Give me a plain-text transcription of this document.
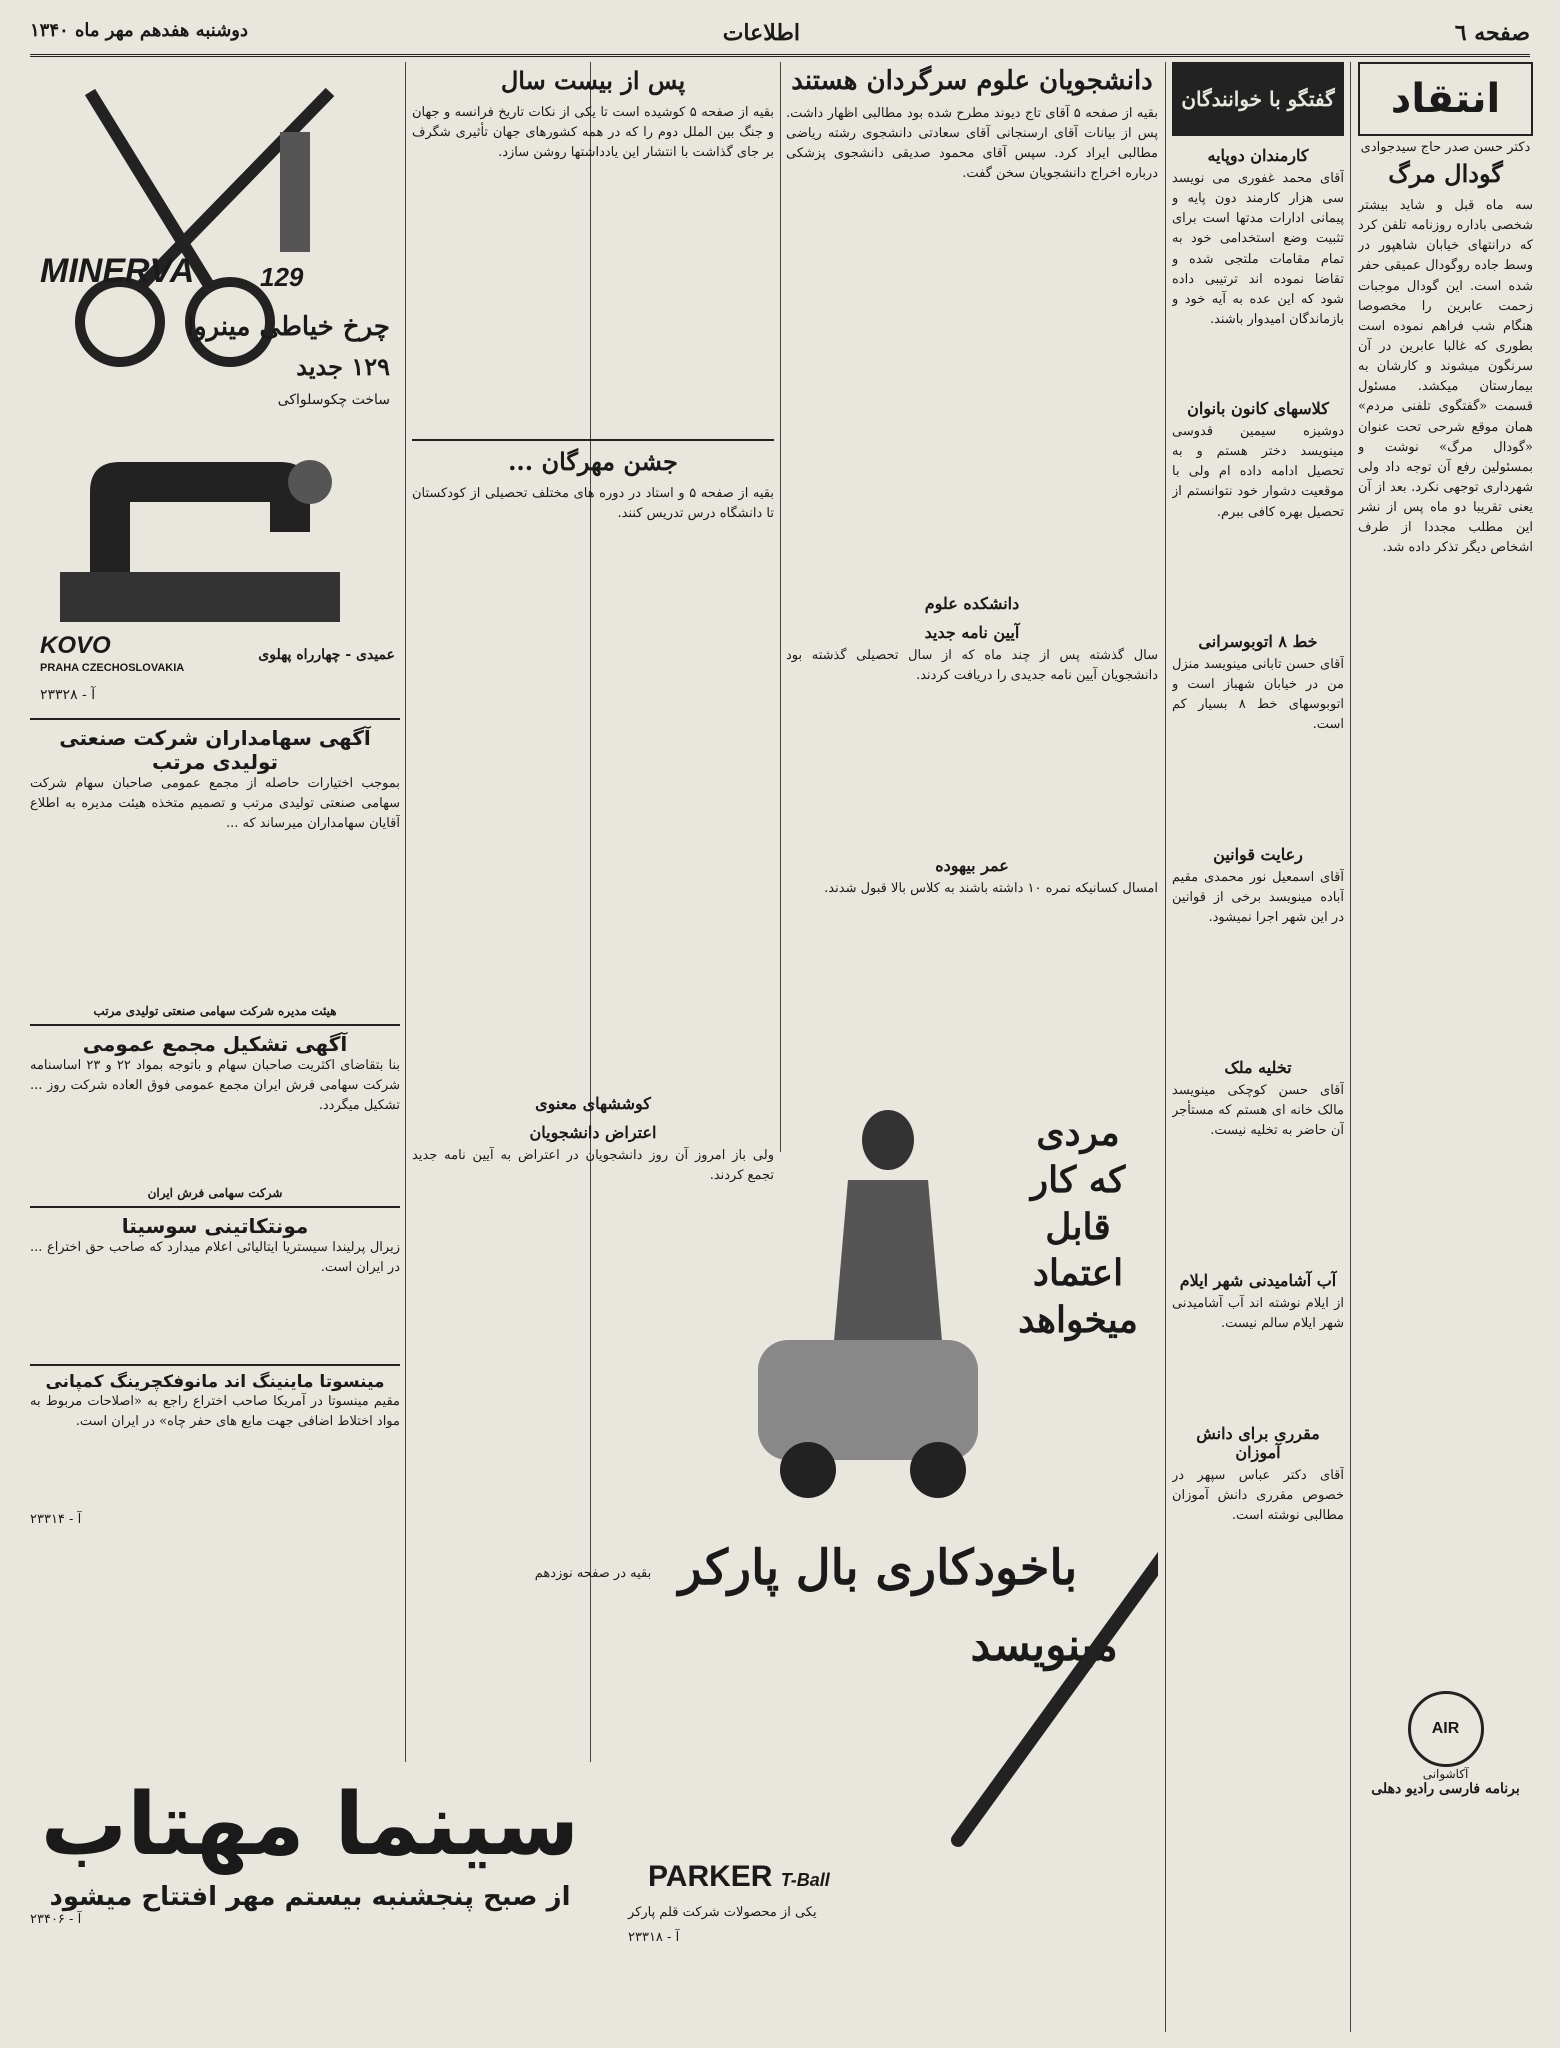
صفحه ٦
اطلاعات
دوشنبه هفدهم مهر ماه ۱۳۴۰
انتقاد
دکتر حسن صدر حاج سیدجوادی
گودال مرگ
سه ماه قبل و شاید بیشتر شخصی باداره روزنامه تلفن کرد که درانتهای خیابان شاهپور در وسط جاده روگودال عمیقی حفر شده است. این گودال موجبات زحمت عابرین را مخصوصا هنگام شب فراهم نموده است بطوری که غالبا عابرین در آن سرنگون میشوند و کارشان به بیمارستان میکشد. مسئول قسمت «گفتگوی تلفنی مردم» همان موقع شرحی تحت عنوان «گودال مرگ» نوشت و بمسئولین رفع آن توجه داد ولی شهرداری توجهی نکرد. بعد از آن یعنی تقریبا دو ماه پس از نشر این مطلب مجددا از طرف اشخاص دیگر تذکر داده شد.
AIR
آکاشوانی
برنامه فارسی رادیو دهلی
گفتگو با خوانندگان
کارمندان دوپایه
آقای محمد غفوری می نویسد سی هزار کارمند دون پایه و پیمانی ادارات مدتها است برای تثبیت وضع استخدامی خود به تمام مقامات ملتجی شده و تقاضا نموده اند ترتیبی داده شود که این عده به آیه خود و بازماندگان امیدوار باشند.
کلاسهای کانون بانوان
دوشیزه سیمین قدوسی مینویسد دختر هستم و به تحصیل ادامه داده ام ولی با موقعیت دشوار خود نتوانستم از تحصیل بهره کافی ببرم.
خط ۸ اتوبوسرانی
آقای حسن تابانی مینویسد منزل من در خیابان شهباز است و اتوبوسهای خط ۸ بسیار کم است.
رعایت قوانین
آقای اسمعیل نور محمدی مقیم آباده مینویسد برخی از قوانین در این شهر اجرا نمیشود.
تخلیه ملک
آقای حسن کوچکی مینویسد مالک خانه ای هستم که مستأجر آن حاضر به تخلیه نیست.
آب آشامیدنی شهر ایلام
از ایلام نوشته اند آب آشامیدنی شهر ایلام سالم نیست.
مقرری برای دانش آموزان
آقای دکتر عباس سپهر در خصوص مقرری دانش آموزان مطالبی نوشته است.
دانشجویان علوم سرگردان هستند
بقیه از صفحه ۵ آقای تاج دیوند مطرح شده بود مطالبی اظهار داشت. پس از بیانات آقای ارسنجانی آقای سعادتی دانشجوی رشته ریاضی مطالبی ایراد کرد. سپس آقای محمود صدیقی دانشجوی پزشکی درباره اخراج دانشجویان سخن گفت.
دانشکده علوم
آیین نامه جدید
سال گذشته پس از چند ماه که از سال تحصیلی گذشته بود دانشجویان آیین نامه جدیدی را دریافت کردند.
عمر بیهوده
امسال کسانیکه نمره ۱۰ داشته باشند به کلاس بالا قبول شدند.
پس از بیست سال
بقیه از صفحه ۵ کوشیده است تا یکی از نکات تاریخ فرانسه و جهان و جنگ بین الملل دوم را که در همه کشورهای جهان تأثیری شگرف بر جای گذاشت با انتشار این یادداشتها روشن سازد.
جشن مهرگان ...
بقیه از صفحه ۵ و استاد در دوره های مختلف تحصیلی از کودکستان تا دانشگاه درس تدریس کنند.
کوششهای معنوی
اعتراض دانشجویان
ولی باز امروز آن روز دانشجویان در اعتراض به آیین نامه جدید تجمع کردند.
بقیه در صفحه نوزدهم
MINERVA	129
چرخ خیاطی مینروا
۱۲۹ جدید
ساخت چکوسلواکی
KOVO
PRAHA CZECHOSLOVAKIA
عمیدی - چهارراه پهلوی
آ - ۲۳۳۲۸
آگهی سهامداران شرکت صنعتی تولیدی مرتب
بموجب اختیارات حاصله از مجمع عمومی صاحبان سهام شرکت سهامی صنعتی تولیدی مرتب و تصمیم متخذه هیئت مدیره به اطلاع آقایان سهامداران میرساند که ...
هیئت مدیره شرکت سهامی صنعتی تولیدی مرتب
آگهی تشکیل مجمع عمومی
بنا بتقاضای اکثریت صاحبان سهام و باتوجه بمواد ۲۲ و ۲۳ اساسنامه شرکت سهامی فرش ایران مجمع عمومی فوق العاده شرکت روز ... تشکیل میگردد.
شرکت سهامی فرش ایران
مونتکاتینی سوسیتا
زیرال پرلیندا سیستریا ایتالیائی اعلام میدارد که صاحب حق اختراع ... در ایران است.
مینسوتا ماینینگ اند مانوفکچرینگ کمپانی
مقیم مینسوتا در آمریکا صاحب اختراع راجع به «اصلاحات مربوط به مواد اختلاط اضافی جهت مایع های حفر چاه» در ایران است.
آ - ۲۳۳۱۴
مردی
که کار
قابل اعتماد
میخواهد
باخودکاری بال پارکر
مینویسد
PARKER T-Ball
یکی از محصولات شرکت قلم پارکر
آ - ۲۳۳۱۸
سینما مهتاب
از صبح پنجشنبه بیستم مهر افتتاح میشود
آ - ۲۳۴۰۶
